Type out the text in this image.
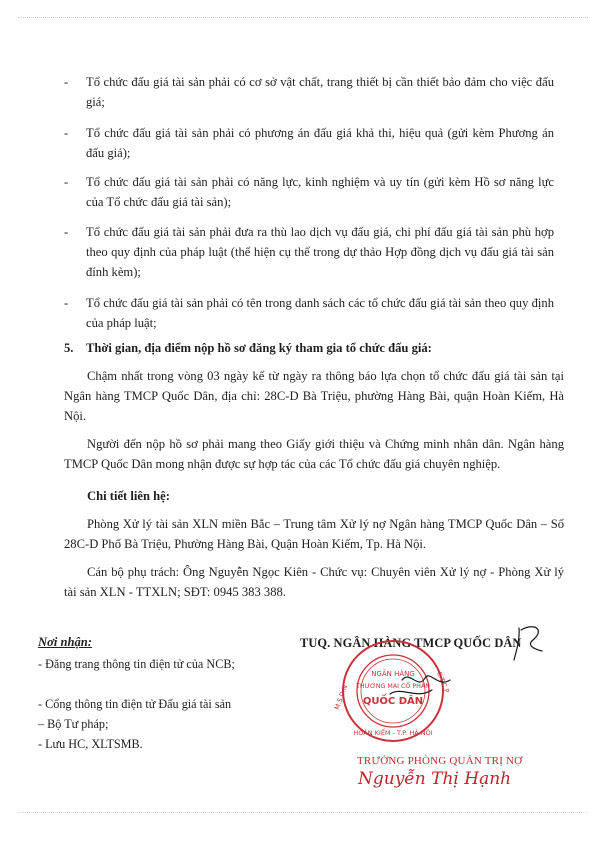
- Tổ chức đấu giá tài sản phải có cơ sở vật chất, trang thiết bị cần thiết bảo đảm cho việc đấu giá;
- Tổ chức đấu giá tài sản phải có phương án đấu giá khả thi, hiệu quả (gửi kèm Phương án đấu giá);
- Tổ chức đấu giá tài sản phải có năng lực, kinh nghiệm và uy tín (gửi kèm Hồ sơ năng lực của Tổ chức đấu giá tài sản);
- Tổ chức đấu giá tài sản phải đưa ra thù lao dịch vụ đấu giá, chi phí đấu giá tài sản phù hợp theo quy định của pháp luật (thể hiện cụ thể trong dự thảo Hợp đồng dịch vụ đấu giá tài sản đính kèm);
- Tổ chức đấu giá tài sản phải có tên trong danh sách các tổ chức đấu giá tài sản theo quy định của pháp luật;
5. Thời gian, địa điểm nộp hồ sơ đăng ký tham gia tổ chức đấu giá:
Chậm nhất trong vòng 03 ngày kể từ ngày ra thông báo lựa chọn tổ chức đấu giá tài sản tại Ngân hàng TMCP Quốc Dân, địa chỉ: 28C-D Bà Triệu, phường Hàng Bài, quận Hoàn Kiếm, Hà Nội.
Người đến nộp hồ sơ phải mang theo Giấy giới thiệu và Chứng minh nhân dân. Ngân hàng TMCP Quốc Dân mong nhận được sự hợp tác của các Tổ chức đấu giá chuyên nghiệp.
Chi tiết liên hệ:
Phòng Xử lý tài sản XLN miền Bắc – Trung tâm Xử lý nợ Ngân hàng TMCP Quốc Dân – Số 28C-D Phố Bà Triệu, Phường Hàng Bài, Quận Hoàn Kiếm, Tp. Hà Nội.
Cán bộ phụ trách: Ông Nguyễn Ngọc Kiên - Chức vụ: Chuyên viên Xử lý nợ - Phòng Xử lý tài sản XLN - TTXLN; SĐT: 0945 383 388.
Nơi nhận:
- Đăng trang thông tin điện tử của NCB;
- Cổng thông tin điện tử Đấu giá tài sản – Bộ Tư pháp;
- Lưu HC, XLTSMB.
TUQ. NGÂN HÀNG TMCP QUỐC DÂN
NGÂN HÀNG
THƯƠNG MẠI CỔ PHẦN
QUỐC DÂN
M.S.D.N
C.T.C.P
HOÀN KIẾM - T.P. HÀ NỘI
TRƯỞNG PHÒNG QUẢN TRỊ NỢ
Nguyễn Thị Hạnh
